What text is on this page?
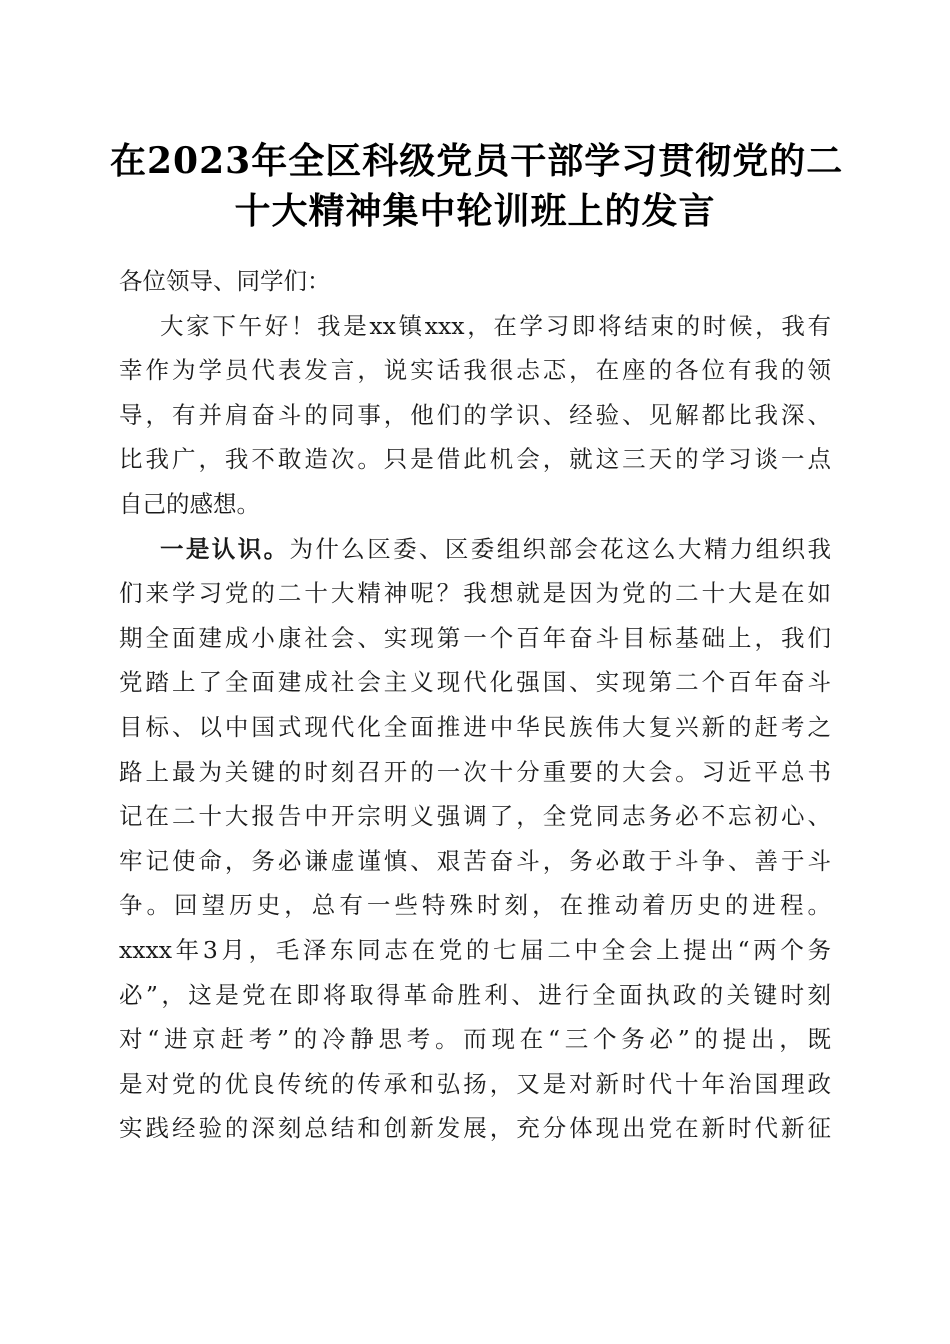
在2023年全区科级党员干部学习贯彻党的二
十大精神集中轮训班上的发言
各位领导、同学们：
大家下午好！我是xx镇xxx，在学习即将结束的时候，我有
幸作为学员代表发言，说实话我很忐忑，在座的各位有我的领
导，有并肩奋斗的同事，他们的学识、经验、见解都比我深、
比我广，我不敢造次。只是借此机会，就这三天的学习谈一点
自己的感想。
一是认识。为什么区委、区委组织部会花这么大精力组织我
们来学习党的二十大精神呢？我想就是因为党的二十大是在如
期全面建成小康社会、实现第一个百年奋斗目标基础上，我们
党踏上了全面建成社会主义现代化强国、实现第二个百年奋斗
目标、以中国式现代化全面推进中华民族伟大复兴新的赶考之
路上最为关键的时刻召开的一次十分重要的大会。习近平总书
记在二十大报告中开宗明义强调了，全党同志务必不忘初心、
牢记使命，务必谦虚谨慎、艰苦奋斗，务必敢于斗争、善于斗
争。回望历史，总有一些特殊时刻，在推动着历史的进程。
xxxx年3月，毛泽东同志在党的七届二中全会上提出“两个务
必”，这是党在即将取得革命胜利、进行全面执政的关键时刻
对“进京赶考”的冷静思考。而现在“三个务必”的提出，既
是对党的优良传统的传承和弘扬，又是对新时代十年治国理政
实践经验的深刻总结和创新发展，充分体现出党在新时代新征
